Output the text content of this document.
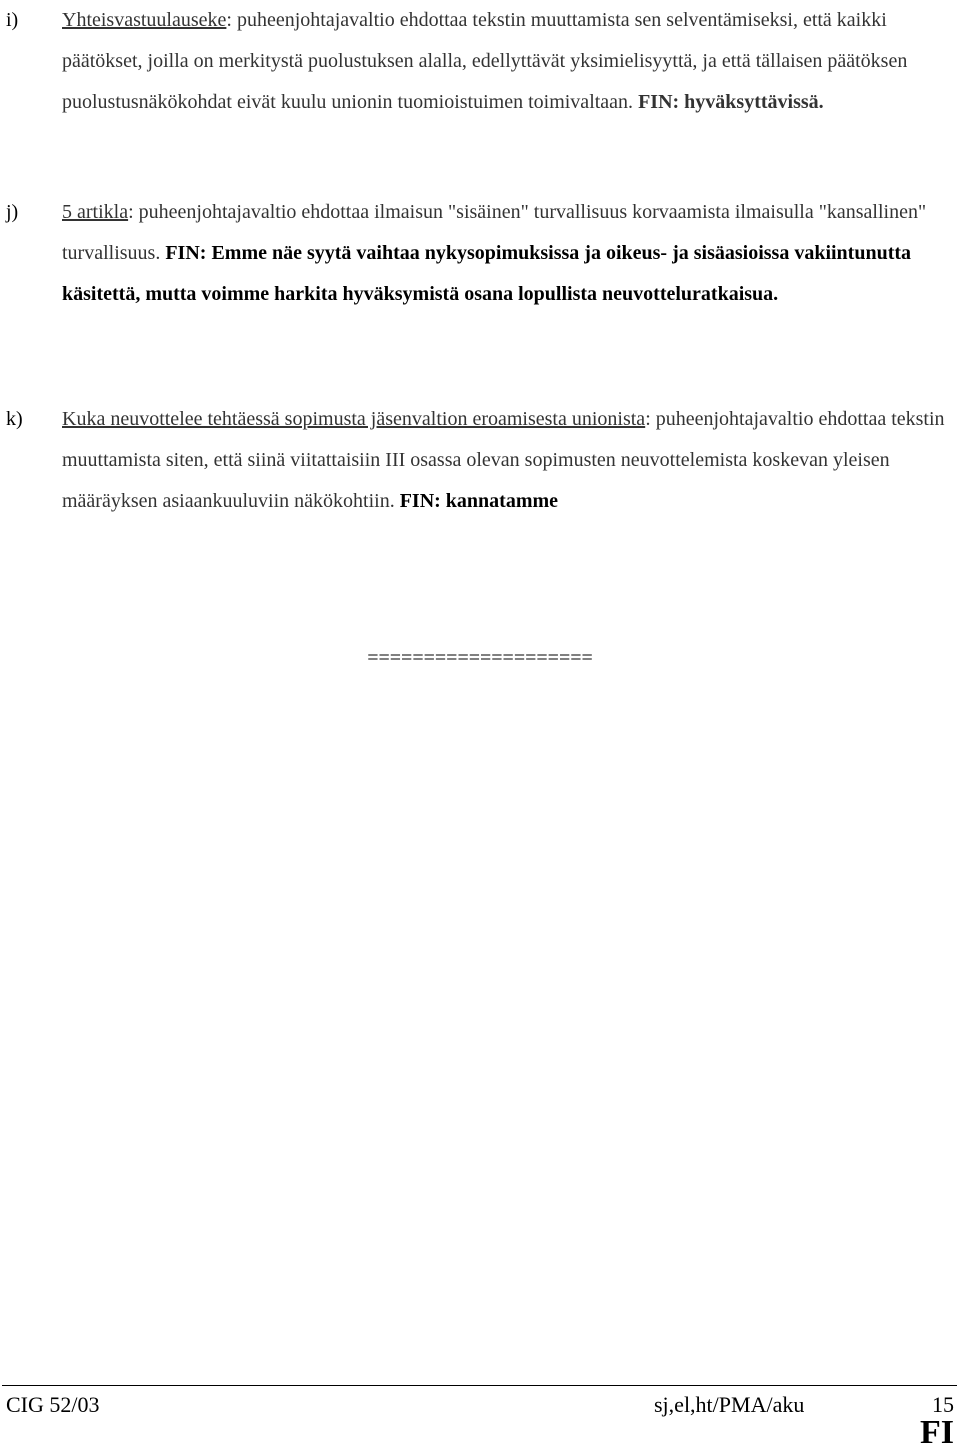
i) Yhteisvastuulauseke: puheenjohtajavaltio ehdottaa tekstin muuttamista sen selventämiseksi, että kaikki päätökset, joilla on merkitystä puolustuksen alalla, edellyttävät yksimielisyyttä, ja että tällaisen päätöksen puolustusnäkökohdat eivät kuulu unionin tuomioistuimen toimivaltaan. FIN: hyväksyttävissä.
j) 5 artikla: puheenjohtajavaltio ehdottaa ilmaisun "sisäinen" turvallisuus korvaamista ilmaisulla "kansallinen" turvallisuus. FIN: Emme näe syytä vaihtaa nykysopimuksissa ja oikeus- ja sisäasioissa vakiintunutta käsitettä, mutta voimme harkita hyväksymistä osana lopullista neuvotteluratkaisua.
k) Kuka neuvottelee tehtäessä sopimusta jäsenvaltion eroamisesta unionista: puheenjohtajavaltio ehdottaa tekstin muuttamista siten, että siinä viitattaisiin III osassa olevan sopimusten neuvottelemista koskevan yleisen määräyksen asiaankuuluviin näkökohtiin. FIN: kannatamme
====================
CIG 52/03	sj,el,ht/PMA/aku	15
FI
